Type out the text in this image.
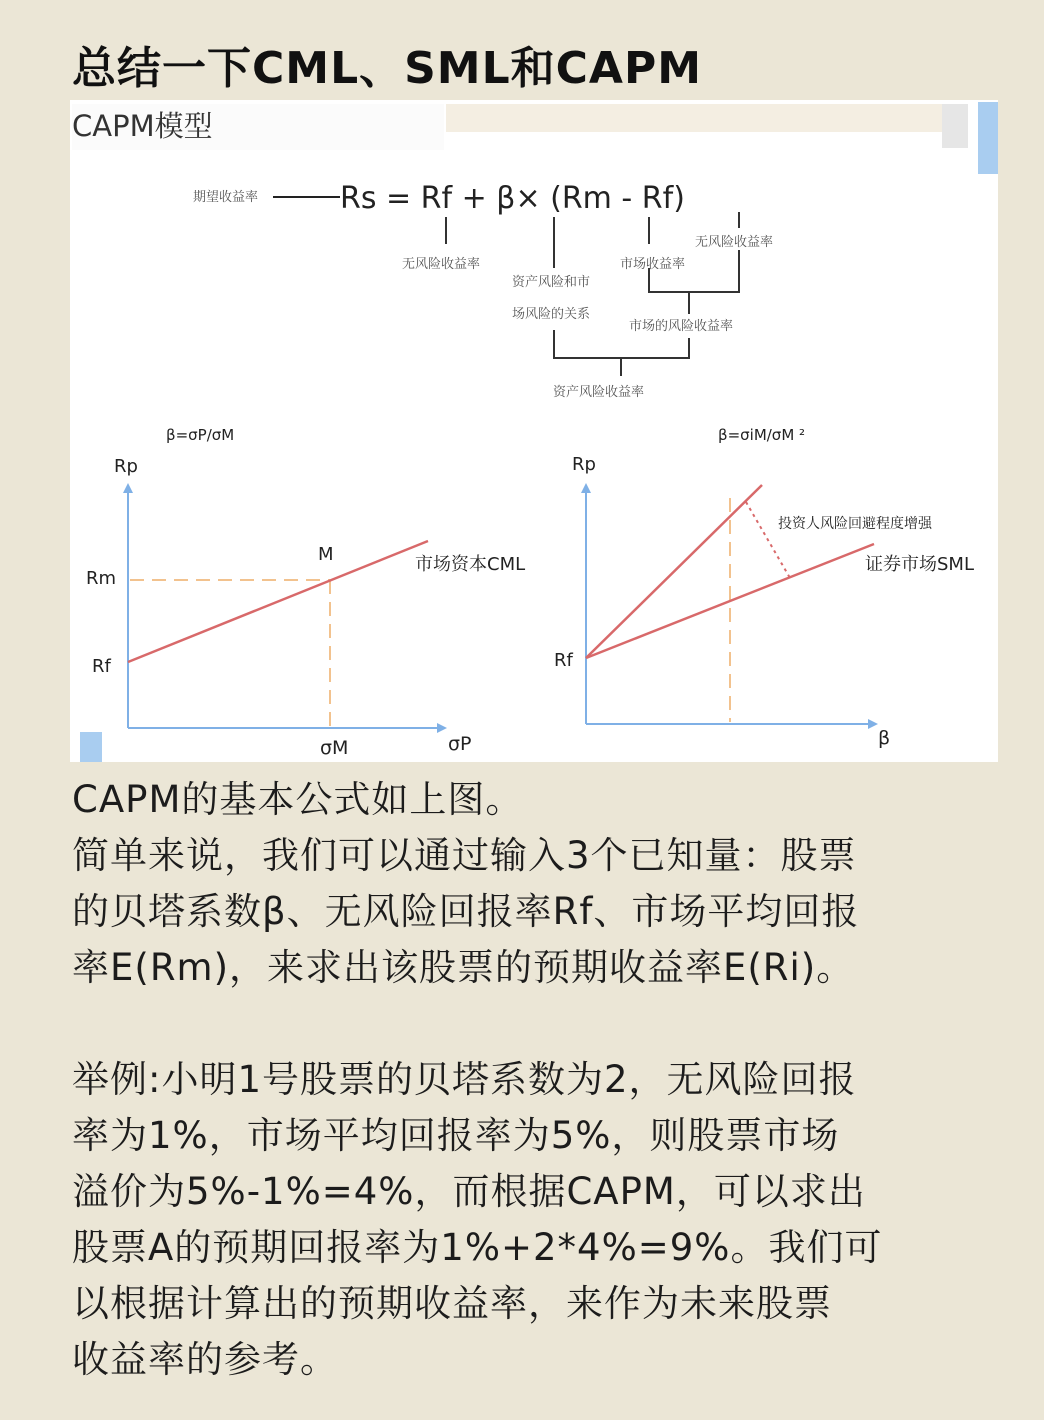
总结一下CML、SML和CAPM
CAPM模型
期望收益率	Rs = Rf + β× (Rm - Rf)
无风险收益率
资产风险和市
场风险的关系
市场收益率
无风险收益率
市场的风险收益率
资产风险收益率
β=σP/σM
Rp
Rm
Rf
M	市场资本CML
σM	σP
β=σiM/σM ²
Rp
投资人风险回避程度增强
证券市场SML
Rf
β

CAPM的基本公式如上图。

简单来说，我们可以通过输入3个已知量：股票

的贝塔系数β、无风险回报率Rf、市场平均回报

率E(Rm)，来求出该股票的预期收益率E(Ri)。

举例:小明1号股票的贝塔系数为2，无风险回报

率为1%，市场平均回报率为5%，则股票市场

溢价为5%-1%=4%，而根据CAPM，可以求出

股票A的预期回报率为1%+2*4%=9%。我们可

以根据计算出的预期收益率，来作为未来股票

收益率的参考。
